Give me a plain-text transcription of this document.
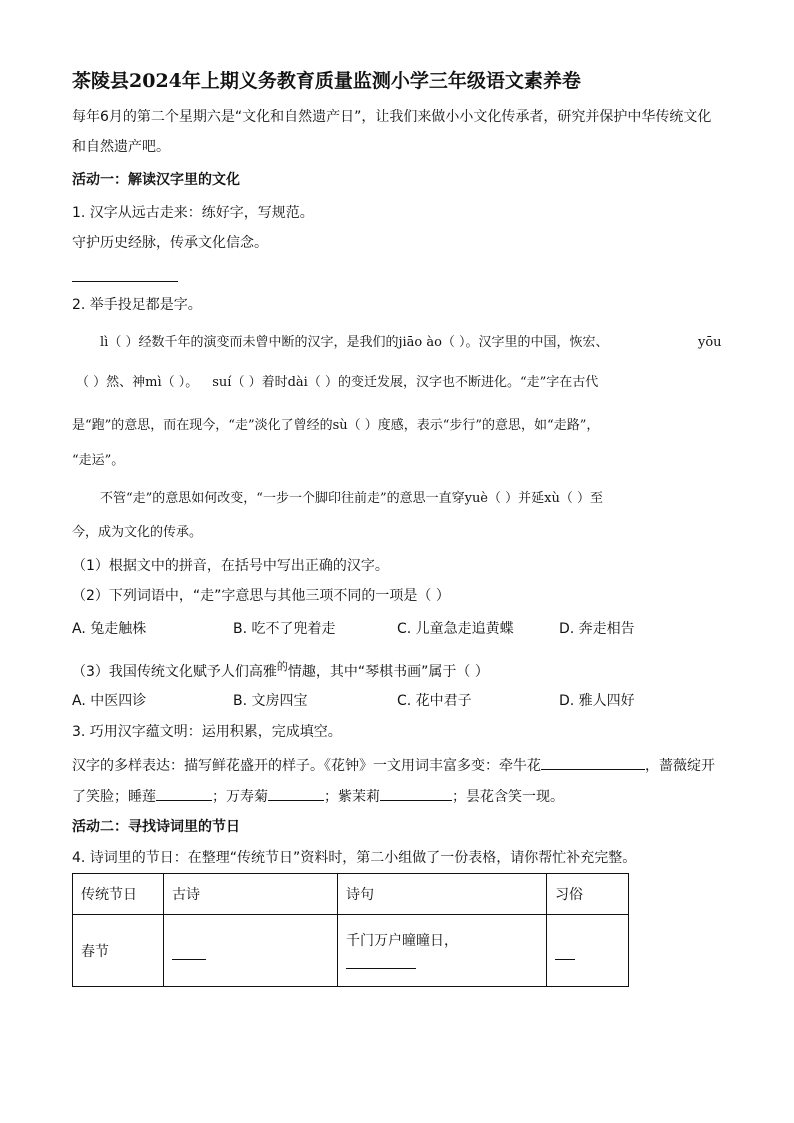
茶陵县2024年上期义务教育质量监测小学三年级语文素养卷
每年6月的第二个星期六是“文化和自然遗产日”，让我们来做小小文化传承者，研究并保护中华传统文化
和自然遗产吧。
活动一：解读汉字里的文化
1. 汉字从远古走来：练好字，写规范。
守护历史经脉，传承文化信念。
2. 举手投足都是字。
lì（ ）经数千年的演变而未曾中断的汉字，是我们的jiāo ào（ ）。汉字里的中国，恢宏、	yōu
（ ）然、神mì（ ）。 suí（ ）着时dài（ ）的变迁发展，汉字也不断进化。“走”字在古代
是“跑”的意思，而在现今，“走”淡化了曾经的sù（ ）度感，表示“步行”的意思，如“走路”，
“走运”。
不管“走”的意思如何改变，“一步一个脚印往前走”的意思一直穿yuè（ ）并延xù（ ）至
今，成为文化的传承。
（1）根据文中的拼音，在括号中写出正确的汉字。
（2）下列词语中，“走”字意思与其他三项不同的一项是（ ）
A. 兔走触株	B. 吃不了兜着走	C. 儿童急走追黄蝶	D. 奔走相告
（3）我国传统文化赋予人们高雅$^的$情趣，其中“琴棋书画”属于（ ）
A. 中医四诊	B. 文房四宝	C. 花中君子	D. 雅人四好
3. 巧用汉字蕴文明：运用积累，完成填空。
汉字的多样表达：描写鲜花盛开的样子。《花钟》一文用词丰富多变：牵牛花	，蔷薇绽开
了笑脸；睡莲	；万寿菊	；紫茉莉	；昙花含笑一现。
活动二：寻找诗词里的节日
4. 诗词里的节日：在整理“传统节日”资料时，第二小组做了一份表格，请你帮忙补充完整。
传统节日	古诗	诗句	习俗
春节		千门万户曈曈日，	
